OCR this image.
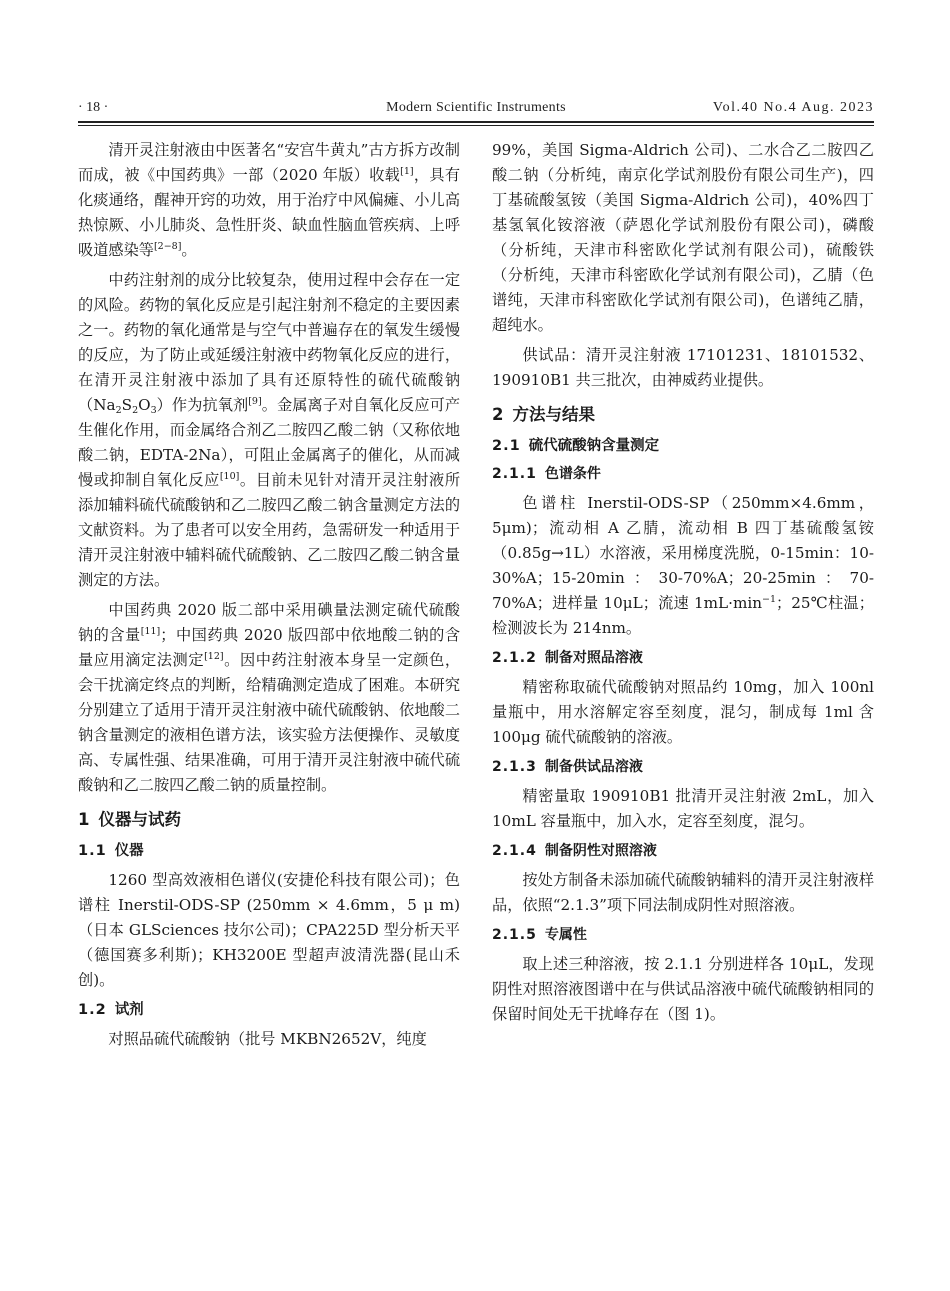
· 18 ·	Modern Scientific Instruments	Vol.40 No.4 Aug. 2023

清开灵注射液由中医著名“安宫牛黄丸”古方拆方改制而成，被《中国药典》一部（2020 年版）收载[1]，具有化痰通络，醒神开窍的功效，用于治疗中风偏瘫、小儿高热惊厥、小儿肺炎、急性肝炎、缺血性脑血管疾病、上呼吸道感染等[2−8]。

中药注射剂的成分比较复杂，使用过程中会存在一定的风险。药物的氧化反应是引起注射剂不稳定的主要因素之一。药物的氧化通常是与空气中普遍存在的氧发生缓慢的反应，为了防止或延缓注射液中药物氧化反应的进行，在清开灵注射液中添加了具有还原特性的硫代硫酸钠$(Na_2S_2O_3)$作为抗氧剂[9]。金属离子对自氧化反应可产生催化作用，而金属络合剂乙二胺四乙酸二钠（又称依地酸二钠，EDTA-2Na），可阻止金属离子的催化，从而减慢或抑制自氧化反应[10]。目前未见针对清开灵注射液所添加辅料硫代硫酸钠和乙二胺四乙酸二钠含量测定方法的文献资料。为了患者可以安全用药，急需研发一种适用于清开灵注射液中辅料硫代硫酸钠、乙二胺四乙酸二钠含量测定的方法。

中国药典 2020 版二部中采用碘量法测定硫代硫酸钠的含量[11]；中国药典 2020 版四部中依地酸二钠的含量应用滴定法测定[12]。因中药注射液本身呈一定颜色，会干扰滴定终点的判断，给精确测定造成了困难。本研究分别建立了适用于清开灵注射液中硫代硫酸钠、依地酸二钠含量测定的液相色谱方法，该实验方法便操作、灵敏度高、专属性强、结果准确，可用于清开灵注射液中硫代硫酸钠和乙二胺四乙酸二钠的质量控制。

1 仪器与试药
1.1 仪器

1260 型高效液相色谱仪(安捷伦科技有限公司)；色谱柱 Inerstil-ODS-SP (250mm × 4.6mm，5 μ m)（日本 GLSciences 技尔公司)；CPA225D 型分析天平（德国赛多利斯)；KH3200E 型超声波清洗器(昆山禾创)。

1.2 试剂

对照品硫代硫酸钠（批号 MKBN2652V，纯度

99%，美国 Sigma-Aldrich 公司)、二水合乙二胺四乙酸二钠（分析纯，南京化学试剂股份有限公司生产)，四丁基硫酸氢铵（美国 Sigma-Aldrich 公司)，40%四丁基氢氧化铵溶液（萨恩化学试剂股份有限公司)，磷酸（分析纯，天津市科密欧化学试剂有限公司)，硫酸铁（分析纯，天津市科密欧化学试剂有限公司)，乙腈（色谱纯，天津市科密欧化学试剂有限公司)，色谱纯乙腈，超纯水。

供试品：清开灵注射液 17101231、18101532、190910B1 共三批次，由神威药业提供。

2 方法与结果
2.1 硫代硫酸钠含量测定
2.1.1 色谱条件

色谱柱 Inerstil-ODS-SP（250mm×4.6mm，5μm)；流动相 A 乙腈，流动相 B 四丁基硫酸氢铵（0.85g→1L）水溶液，采用梯度洗脱，0-15min：10-30%A；15-20min：30-70%A；20-25min：70-70%A；进样量 10μL；流速 $1mL\cdot\min^{-1}$；25℃柱温；检测波长为 214nm。

2.1.2 制备对照品溶液

精密称取硫代硫酸钠对照品约 10mg，加入 100nl 量瓶中，用水溶解定容至刻度，混匀，制成每 1ml 含 100μg 硫代硫酸钠的溶液。

2.1.3 制备供试品溶液

精密量取 190910B1 批清开灵注射液 2mL，加入 10mL 容量瓶中，加入水，定容至刻度，混匀。

2.1.4 制备阴性对照溶液

按处方制备未添加硫代硫酸钠辅料的清开灵注射液样品，依照“2.1.3”项下同法制成阴性对照溶液。

2.1.5 专属性

取上述三种溶液，按 2.1.1 分别进样各 10μL，发现阴性对照溶液图谱中在与供试品溶液中硫代硫酸钠相同的保留时间处无干扰峰存在（图 1)。
